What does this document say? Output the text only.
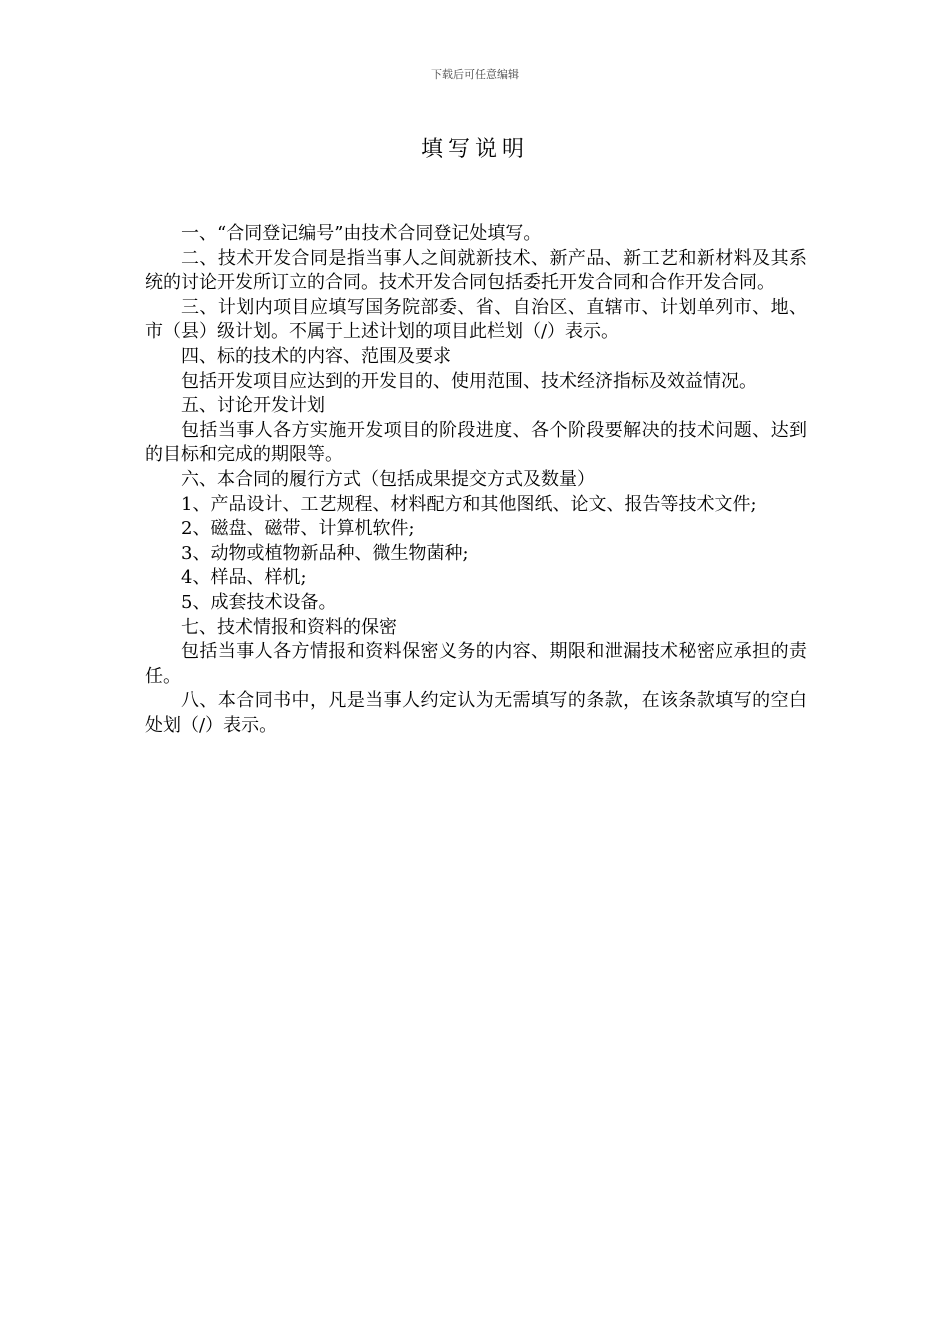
下载后可任意编辑
填写说明

一、“合同登记编号”由技术合同登记处填写。

二、技术开发合同是指当事人之间就新技术、新产品、新工艺和新材料及其系统的讨论开发所订立的合同。技术开发合同包括委托开发合同和合作开发合同。

三、计划内项目应填写国务院部委、省、自治区、直辖市、计划单列市、地、市（县）级计划。不属于上述计划的项目此栏划（/）表示。

四、标的技术的内容、范围及要求

包括开发项目应达到的开发目的、使用范围、技术经济指标及效益情况。

五、讨论开发计划

包括当事人各方实施开发项目的阶段进度、各个阶段要解决的技术问题、达到的目标和完成的期限等。

六、本合同的履行方式（包括成果提交方式及数量）

1、产品设计、工艺规程、材料配方和其他图纸、论文、报告等技术文件;

2、磁盘、磁带、计算机软件;

3、动物或植物新品种、微生物菌种;

4、样品、样机;

5、成套技术设备。

七、技术情报和资料的保密

包括当事人各方情报和资料保密义务的内容、期限和泄漏技术秘密应承担的责任。

八、本合同书中，凡是当事人约定认为无需填写的条款，在该条款填写的空白处划（/）表示。
